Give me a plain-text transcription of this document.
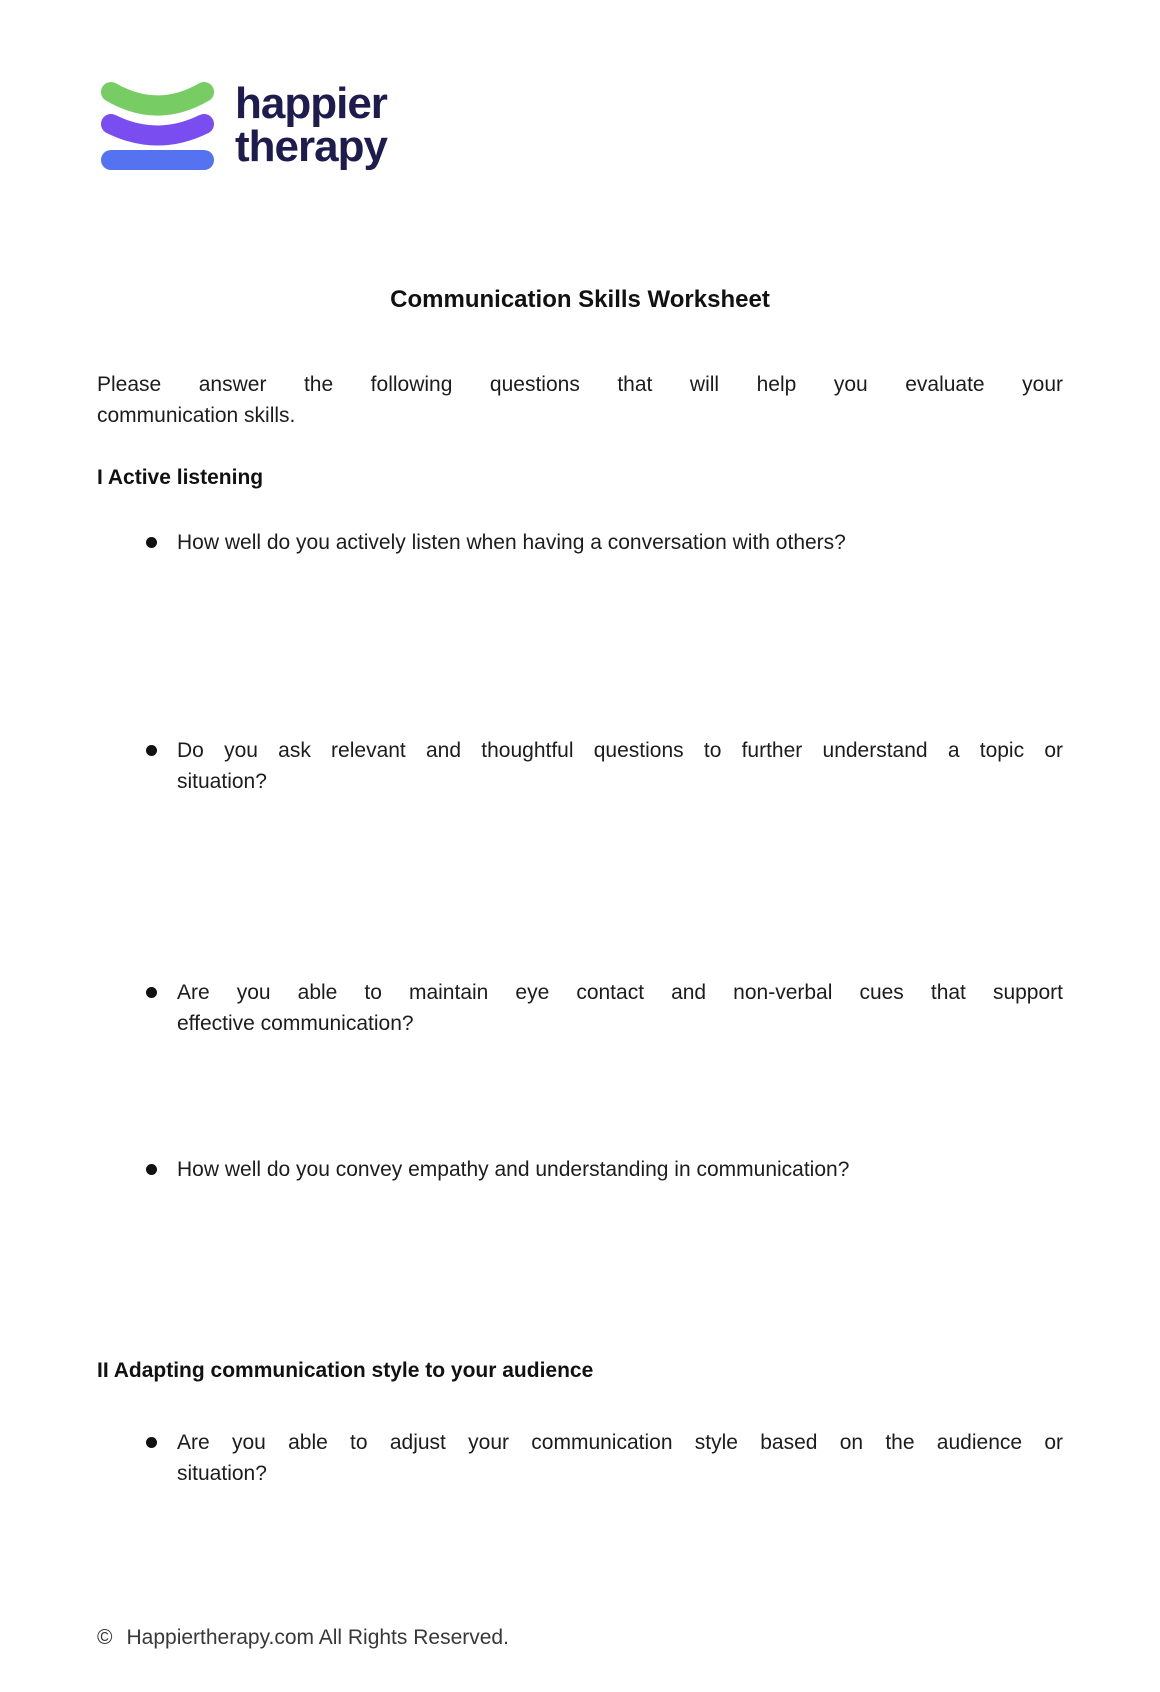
happier
therapy
Communication Skills Worksheet

Please answer the following questions that will help you evaluate your
communication skills.

I Active listening
How well do you actively listen when having a conversation with others?
Do you ask relevant and thoughtful questions to further understand a topic or
situation?
Are you able to maintain eye contact and non-verbal cues that support
effective communication?
How well do you convey empathy and understanding in communication?
II Adapting communication style to your audience
Are you able to adjust your communication style based on the audience or
situation?
© Happiertherapy.com All Rights Reserved.
